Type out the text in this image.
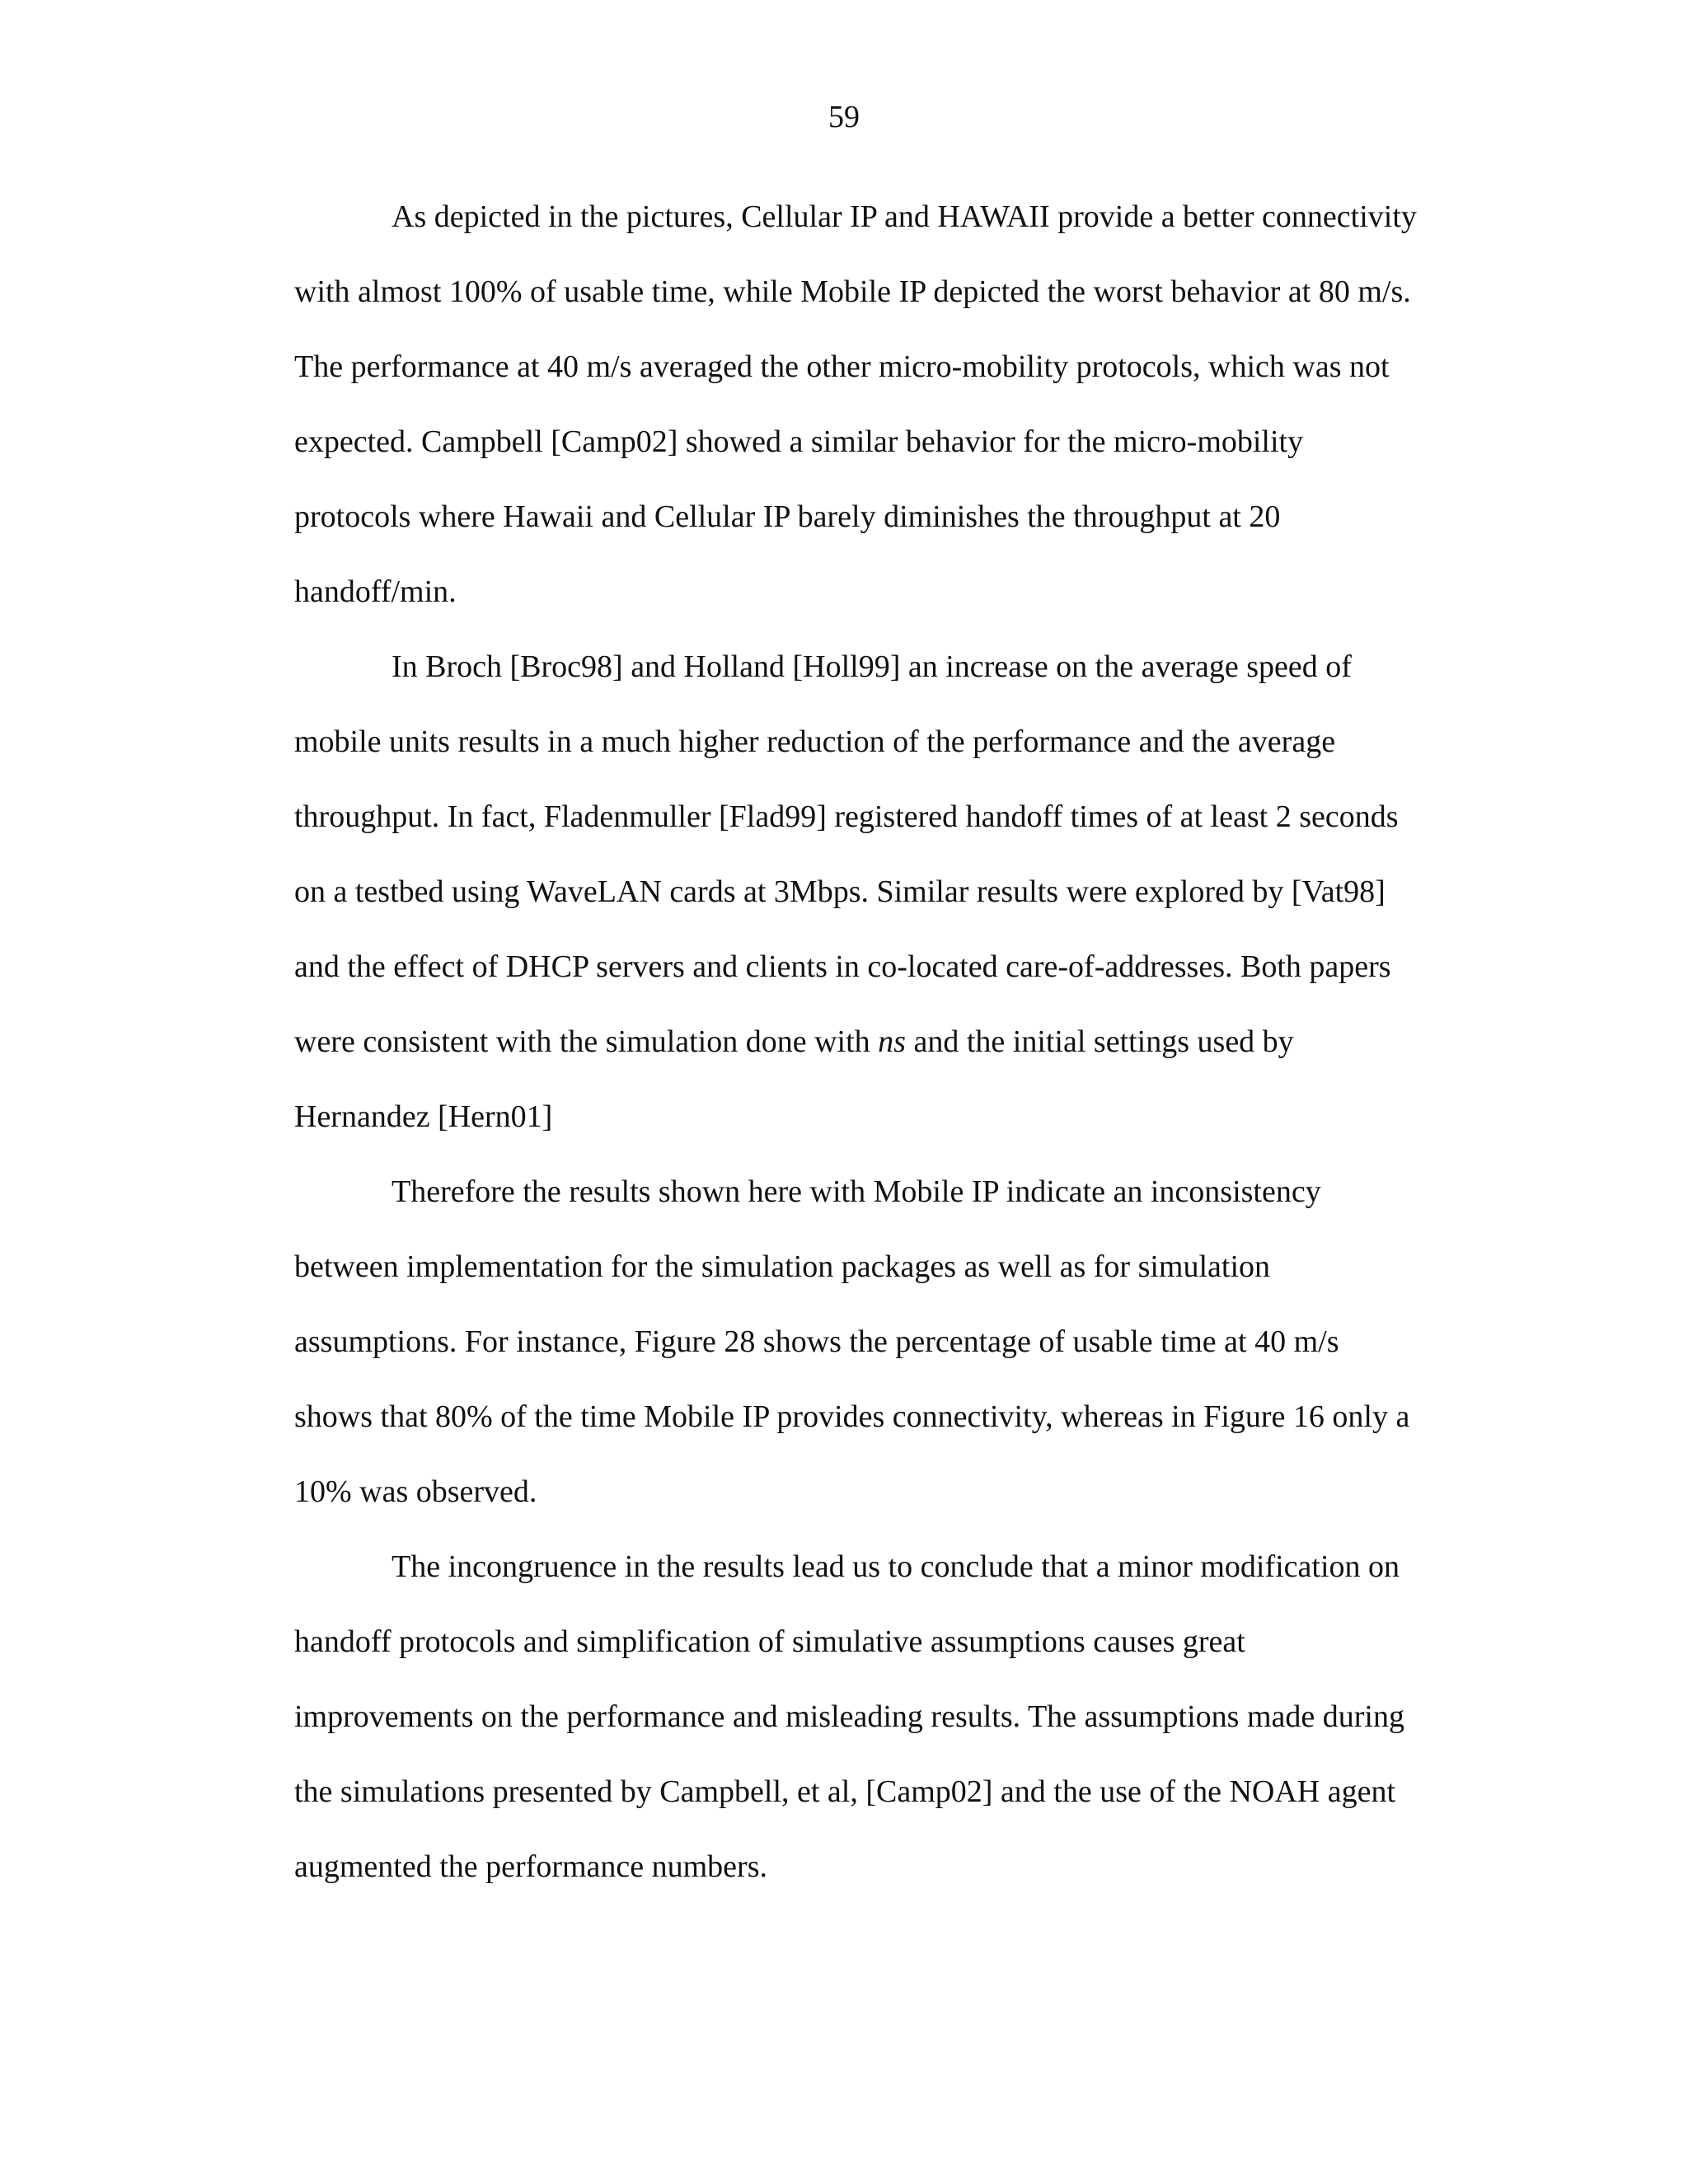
59
As depicted in the pictures, Cellular IP and HAWAII provide a better connectivity
with almost 100% of usable time, while Mobile IP depicted the worst behavior at 80 m/s.
The performance at 40 m/s averaged the other micro-mobility protocols, which was not
expected. Campbell [Camp02] showed a similar behavior for the micro-mobility
protocols where Hawaii and Cellular IP barely diminishes the throughput at 20
handoff/min.
In Broch [Broc98] and Holland [Holl99] an increase on the average speed of
mobile units results in a much higher reduction of the performance and the average
throughput. In fact, Fladenmuller [Flad99] registered handoff times of at least 2 seconds
on a testbed using WaveLAN cards at 3Mbps. Similar results were explored by [Vat98]
and the effect of DHCP servers and clients in co-located care-of-addresses. Both papers
were consistent with the simulation done with ns and the initial settings used by
Hernandez [Hern01]
Therefore the results shown here with Mobile IP indicate an inconsistency
between implementation for the simulation packages as well as for simulation
assumptions. For instance, Figure 28 shows the percentage of usable time at 40 m/s
shows that 80% of the time Mobile IP provides connectivity, whereas in Figure 16 only a
10% was observed.
The incongruence in the results lead us to conclude that a minor modification on
handoff protocols and simplification of simulative assumptions causes great
improvements on the performance and misleading results. The assumptions made during
the simulations presented by Campbell, et al, [Camp02] and the use of the NOAH agent
augmented the performance numbers.
